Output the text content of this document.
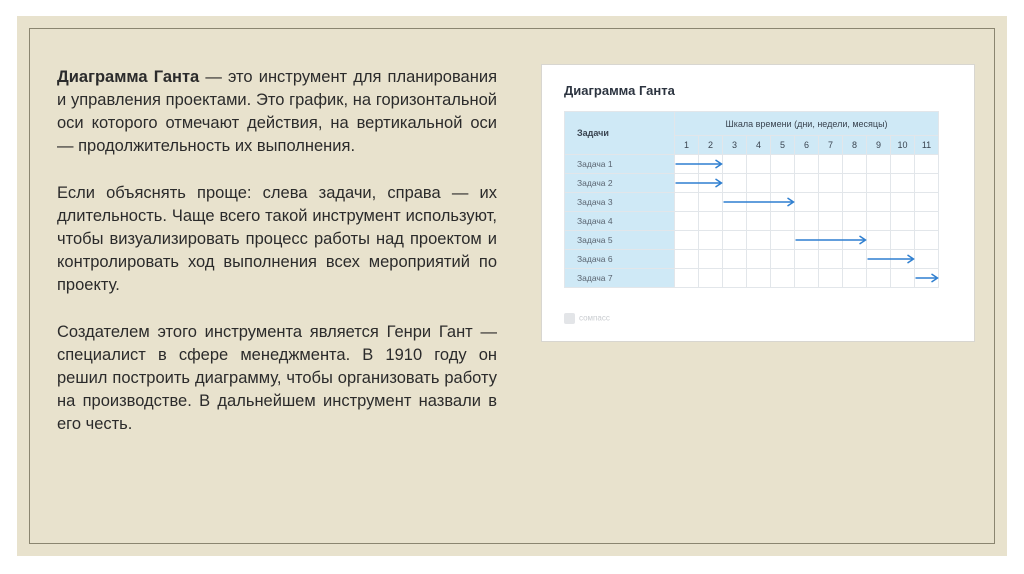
Диаграмма Ганта — это инструмент для планирования и управления проектами. Это график, на горизонтальной оси которого отмечают действия, на вертикальной оси — продолжительность их выполнения.

Если объяснять проще: слева задачи, справа — их длительность. Чаще всего такой инструмент используют, чтобы визуализировать процесс работы над проектом и контролировать ход выполнения всех мероприятий по проекту.

Создателем этого инструмента является Генри Гант — специалист в сфере менеджмента. В 1910 году он решил построить диаграмму, чтобы организовать работу на производстве. В дальнейшем инструмент назвали в его честь.

Диаграмма Ганта
Задачи	Шкала времени (дни, недели, месяцы)										
	1	2	3	4	5	6	7	8	9	10	11
Задача 1											
Задача 2											
Задача 3											
Задача 4											
Задача 5											
Задача 6											
Задача 7											
сомпасс
